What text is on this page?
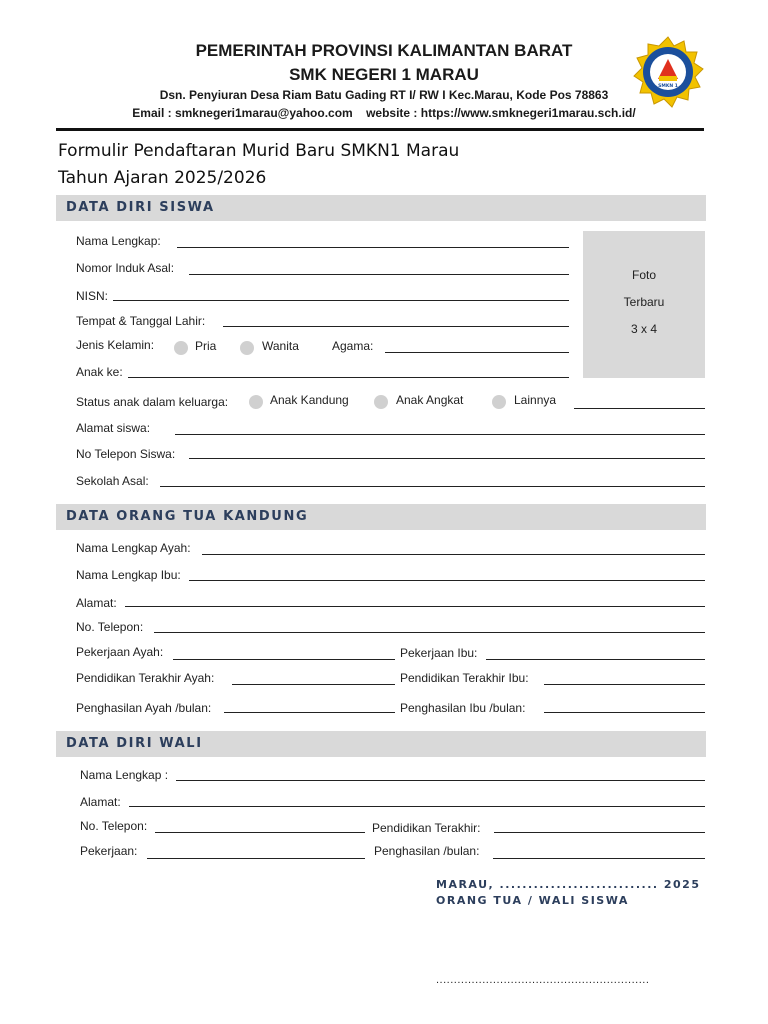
PEMERINTAH PROVINSI KALIMANTAN BARAT
SMK NEGERI 1 MARAU
Dsn. Penyiuran Desa Riam Batu Gading RT I/ RW I Kec.Marau, Kode Pos 78863
Email : smknegeri1marau@yahoo.com    website : https://www.smknegeri1marau.sch.id/
SMKN 1
Formulir Pendaftaran Murid Baru SMKN1 Marau
Tahun Ajaran 2025/2026
DATA DIRI SISWA
Foto
Terbaru
3 x 4
Nama Lengkap:
Nomor Induk Asal:
NISN:
Tempat & Tanggal Lahir:
Jenis Kelamin:	Pria	Wanita	Agama:
Anak ke:
Status anak dalam keluarga:	Anak Kandung	Anak Angkat	Lainnya
Alamat siswa:
No Telepon Siswa:
Sekolah Asal:
DATA ORANG TUA KANDUNG
Nama Lengkap Ayah:
Nama Lengkap Ibu:
Alamat:
No. Telepon:
Pekerjaan Ayah:	Pekerjaan Ibu:
Pendidikan Terakhir Ayah:	Pendidikan Terakhir Ibu:
Penghasilan Ayah /bulan:	Penghasilan Ibu /bulan:
DATA DIRI WALI
Nama Lengkap :
Alamat:
No. Telepon:	Pendidikan Terakhir:
Pekerjaan:	Penghasilan /bulan:
MARAU, ............................ 2025
ORANG TUA / WALI SISWA
............................................................
